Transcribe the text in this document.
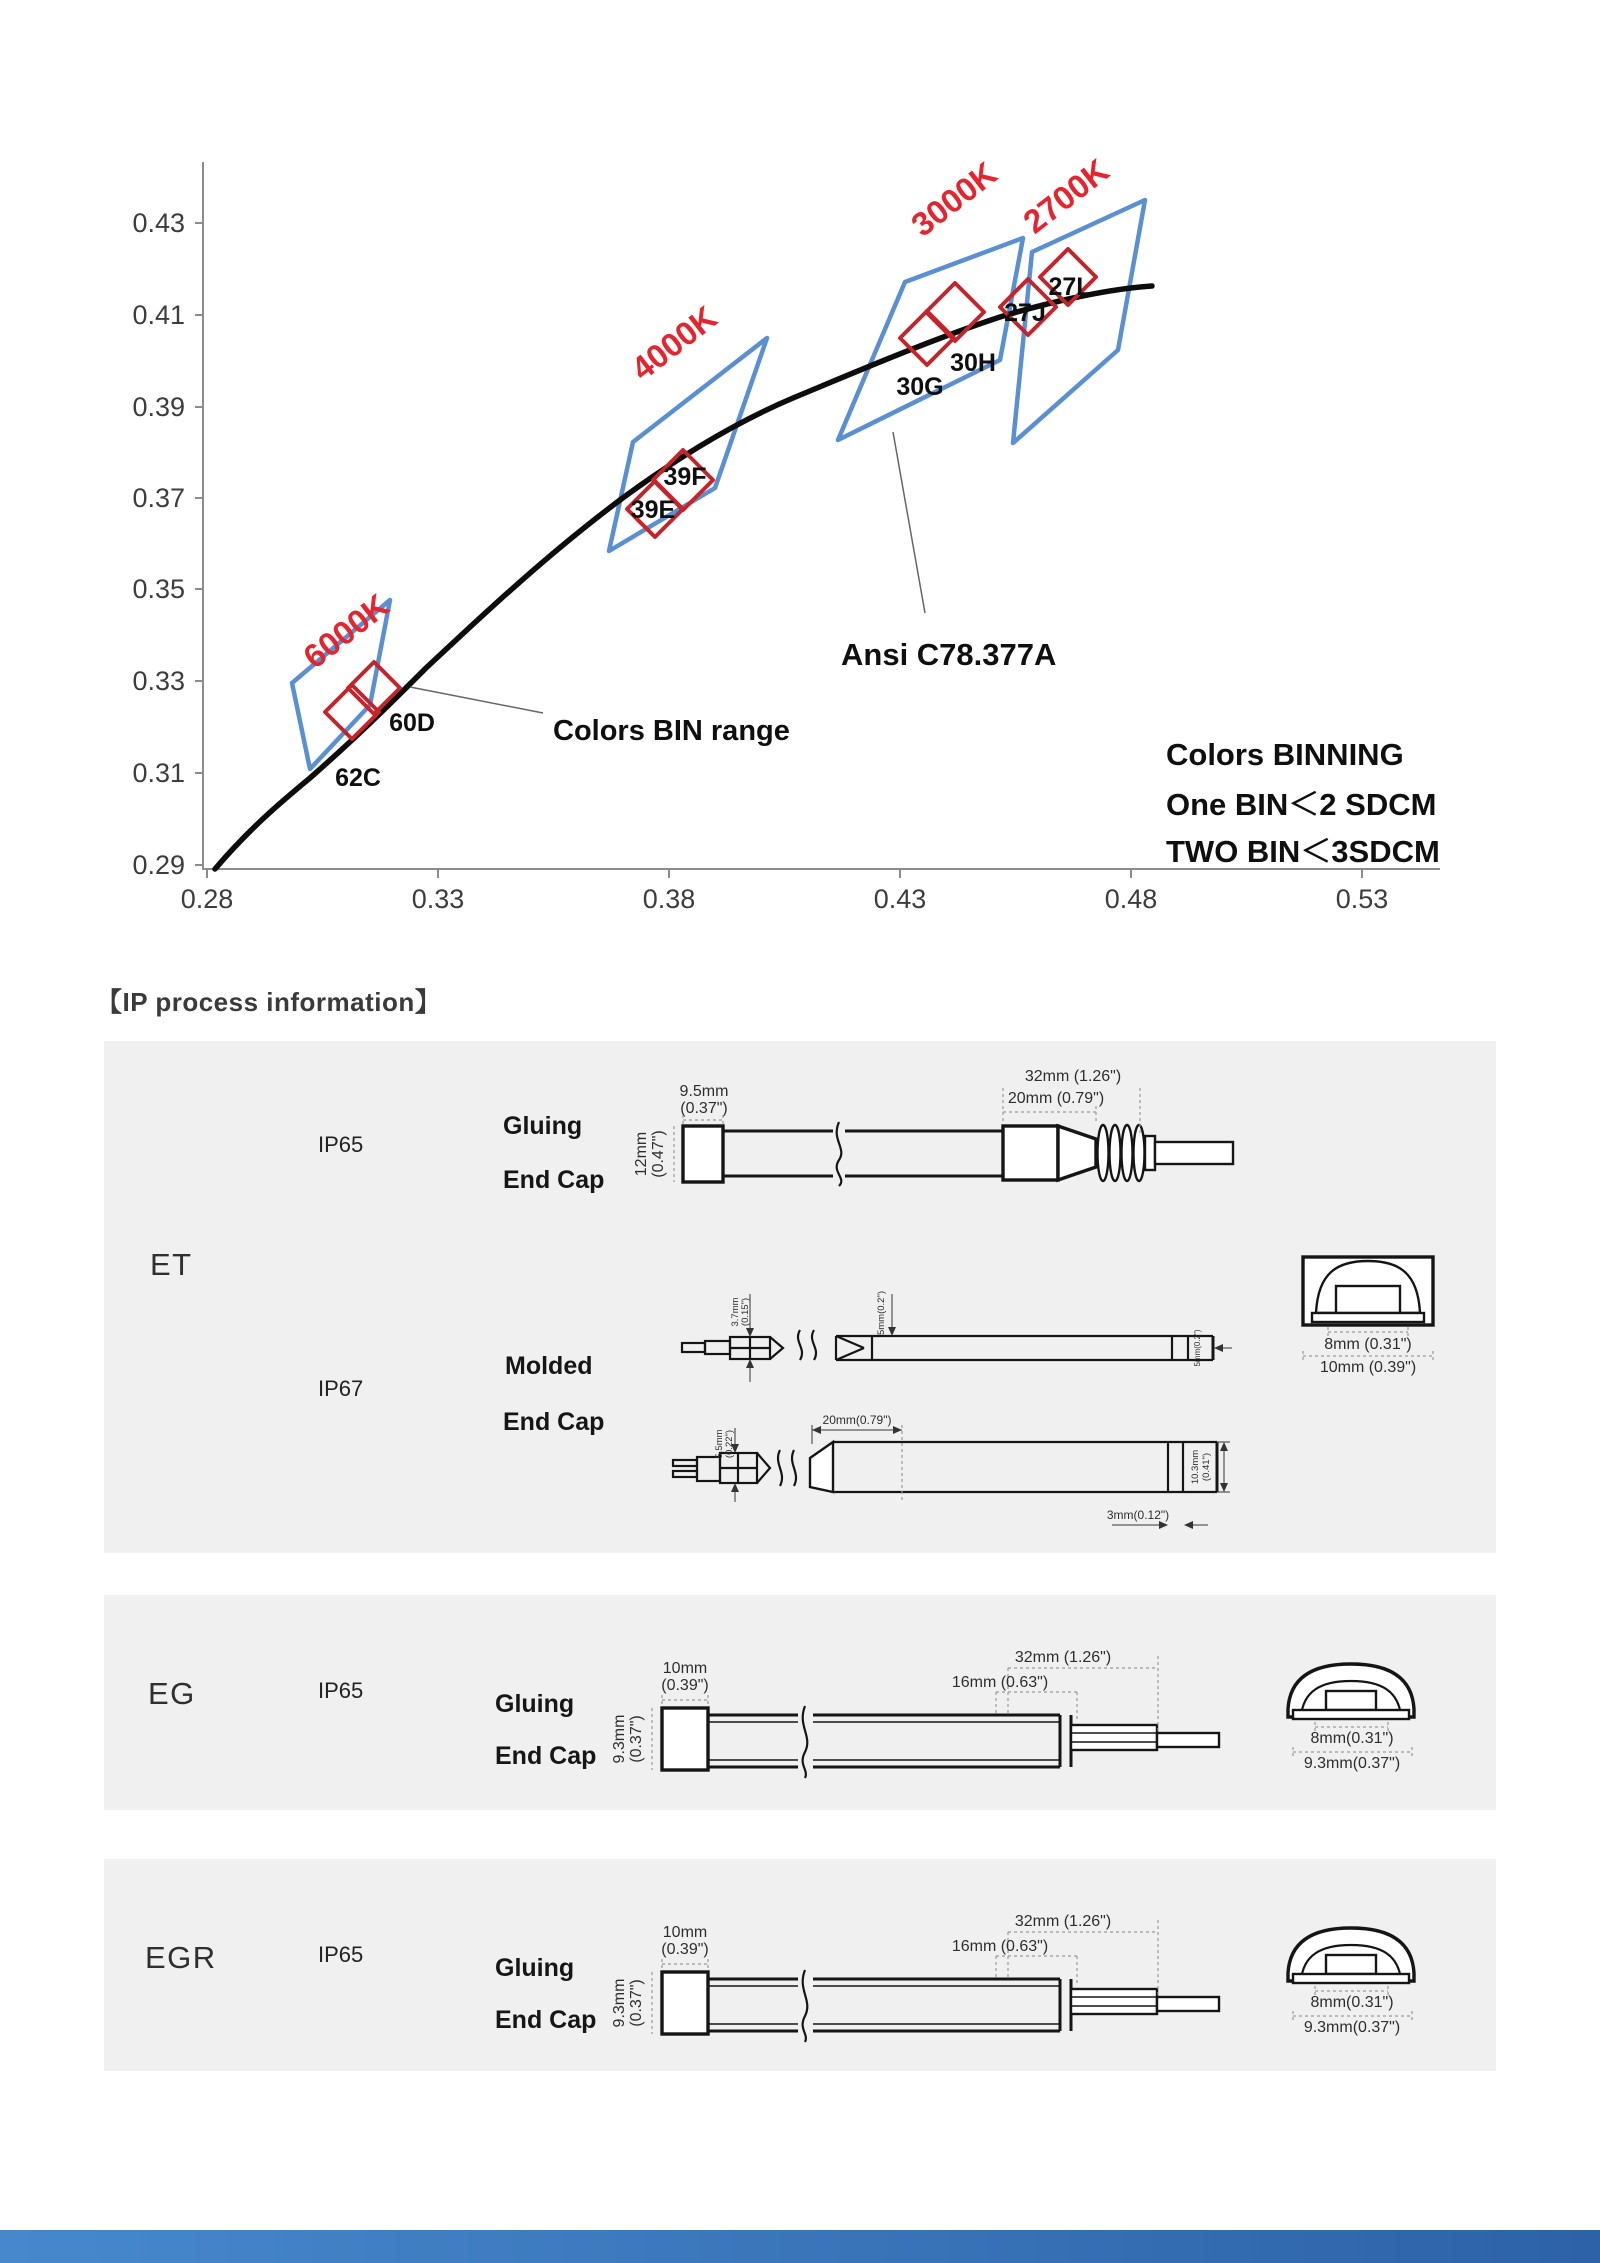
0.43
0.41
0.39
0.37
0.35
0.33
0.31
0.29
0.28	0.33	0.38	0.43	0.48	0.53
6000K
4000K
3000K 2700K
62C
60D
39E
39F
30G
30H
27J
27L
Ansi C78.377A
Colors BIN range
Colors BINNING
One BIN＜2 SDCM
TWO BIN＜3SDCM
【IP process information】
ET
IP65
Gluing
End Cap
IP67
Molded
End Cap
EG	IP65	Gluing
End Cap
EGR	IP65	Gluing
End Cap
9.5mm
(0.37")
12mm (0.47")
32mm (1.26")
20mm (0.79")
3.7mm (0.15")	5mm(0.2")
5mm(0.2")	8mm (0.31")
10mm (0.39")
5.5mm (0.22")
20mm(0.79")
10.3mm (0.41")
3mm(0.12")
10mm
(0.39")
9.3mm (0.37")
32mm (1.26")
16mm (0.63")
8mm(0.31")
9.3mm(0.37")
10mm
(0.39")
9.3mm (0.37")
32mm (1.26")
16mm (0.63")
8mm(0.31")
9.3mm(0.37")
